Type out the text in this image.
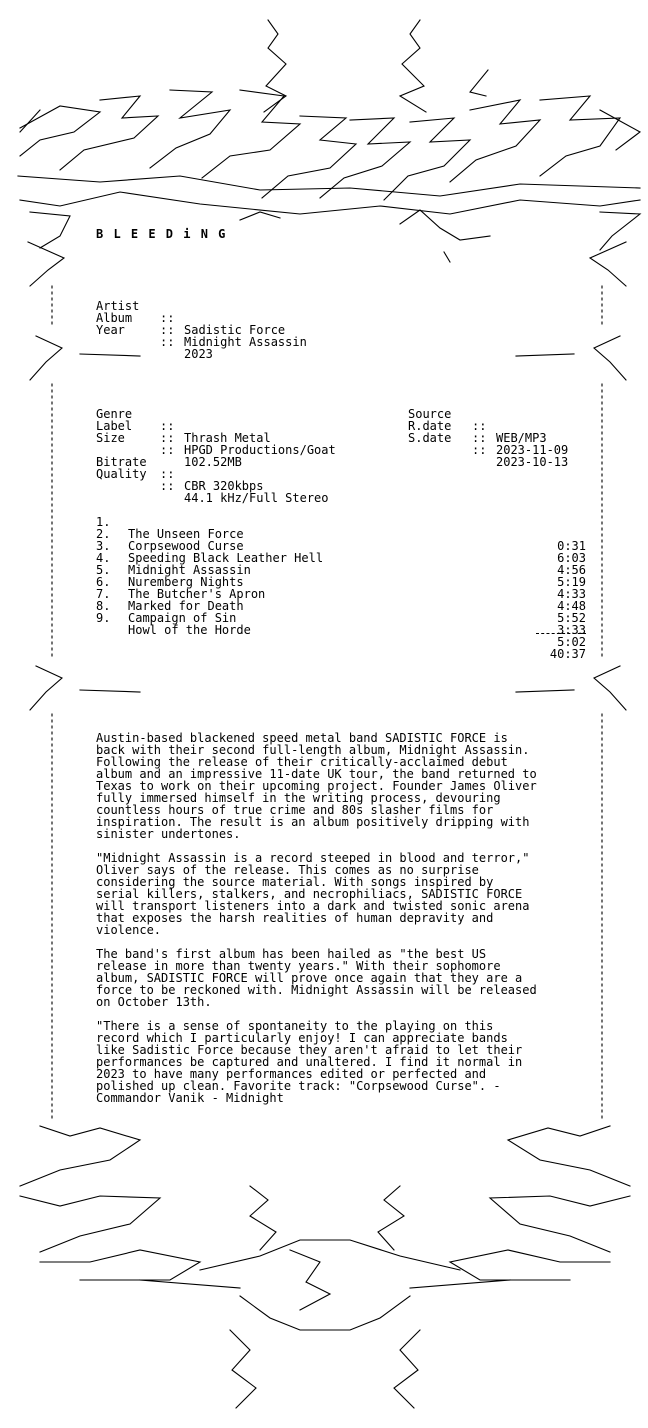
B L E E D i N G

Artist

::

Sadistic Force

Album

::

Midnight Assassin

Year

::

2023

Genre

::

Thrash Metal

Label

::

HPGD Productions/Goat

Size

::

102.52MB

Source

::

WEB/MP3

R.date

::

2023-11-09

S.date

::

2023-10-13

Bitrate

::

CBR 320kbps

Quality

::

44.1 kHz/Full Stereo

1.

The Unseen Force

0:31

2.

Corpsewood Curse

6:03

3.

Speeding Black Leather Hell

4:56

4.

Midnight Assassin

5:19

5.

Nuremberg Nights

4:33

6.

The Butcher's Apron

4:48

7.

Marked for Death

5:52

8.

Campaign of Sin

3:33

9.

Howl of the Horde

5:02

40:37

Austin-based blackened speed metal band SADISTIC FORCE is
back with their second full-length album, Midnight Assassin.
Following the release of their critically-acclaimed debut
album and an impressive 11-date UK tour, the band returned to
Texas to work on their upcoming project. Founder James Oliver
fully immersed himself in the writing process, devouring
countless hours of true crime and 80s slasher films for
inspiration. The result is an album positively dripping with
sinister undertones.

"Midnight Assassin is a record steeped in blood and terror,"
Oliver says of the release. This comes as no surprise
considering the source material. With songs inspired by
serial killers, stalkers, and necrophiliacs, SADISTIC FORCE
will transport listeners into a dark and twisted sonic arena
that exposes the harsh realities of human depravity and
violence.

The band's first album has been hailed as "the best US
release in more than twenty years." With their sophomore
album, SADISTIC FORCE will prove once again that they are a
force to be reckoned with. Midnight Assassin will be released
on October 13th.

"There is a sense of spontaneity to the playing on this
record which I particularly enjoy! I can appreciate bands
like Sadistic Force because they aren't afraid to let their
performances be captured and unaltered. I find it normal in
2023 to have many performances edited or perfected and
polished up clean. Favorite track: "Corpsewood Curse". -
Commandor Vanik - Midnight
